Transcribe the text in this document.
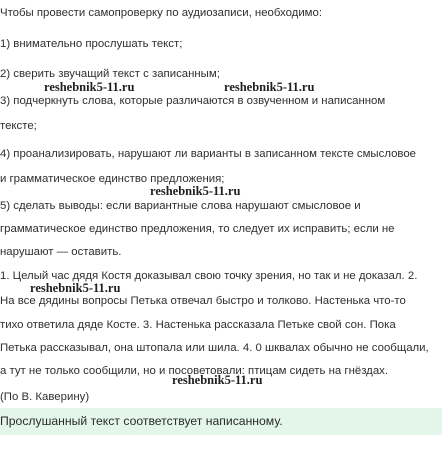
Чтобы провести самопроверку по аудиозаписи, необходимо:
1) внимательно прослушать текст;
2) сверить звучащий текст с записанным;
3) подчеркнуть слова, которые различаются в озвученном и написанном
тексте;
4) проанализировать, нарушают ли варианты в записанном тексте смысловое
и грамматическое единство предложения;
5) сделать выводы: если вариантные слова нарушают смысловое и
грамматическое единство предложения, то следует их исправить; если не
нарушают — оставить.
1. Целый час дядя Костя доказывал свою точку зрения, но так и не доказал. 2.
На все дядины вопросы Петька отвечал быстро и толково. Настенька что-то
тихо ответила дяде Косте. 3. Настенька рассказала Петьке свой сон. Пока
Петька рассказывал, она штопала или шила. 4. 0 шквалах обычно не сообщали,
а тут не только сообщили, но и посоветовали: птицам сидеть на гнёздах.
(По В. Каверину)
Прослушанный текст соответствует написанному.
reshebnik5-11.ru	reshebnik5-11.ru
reshebnik5-11.ru
reshebnik5-11.ru
reshebnik5-11.ru
